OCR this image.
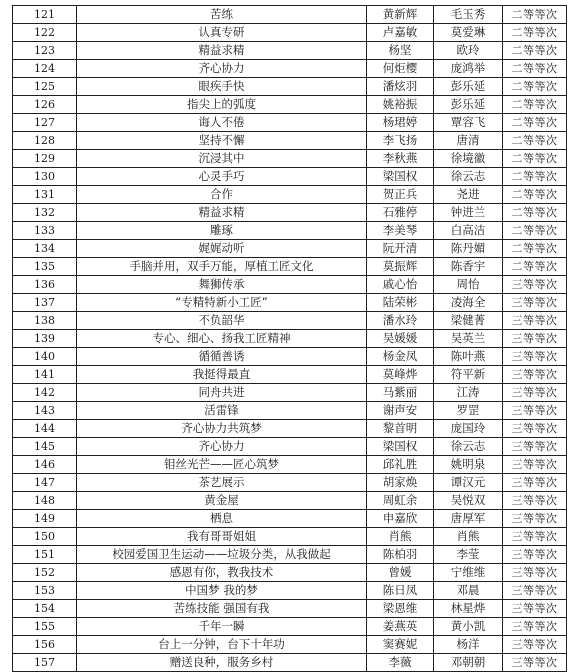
121	苦练	黄新辉	毛玉秀	二等等次
122	认真专研	卢嘉敏	莫爱琳	二等等次
123	精益求精	杨坚	欧玲	二等等次
124	齐心协力	何炬樱	庞鸿举	二等等次
125	眼疾手快	潘炫羽	彭乐延	二等等次
126	指尖上的弧度	姚裕振	彭乐延	二等等次
127	诲人不倦	杨珺婷	覃容飞	二等等次
128	坚持不懈	李飞扬	唐清	二等等次
129	沉浸其中	李秋燕	徐境徽	二等等次
130	心灵手巧	梁国权	徐云志	二等等次
131	合作	贺正兵	尧进	二等等次
132	精益求精	石雅停	钟进兰	二等等次
133	雕琢	李美琴	白高洁	二等等次
134	娓娓动听	阮开清	陈丹媚	二等等次
135	手脑并用，双手万能，厚植工匠文化	莫振辉	陈香宇	二等等次
136	舞狮传承	戚心怡	周怡	三等等次
137	“专精特新小工匠”	陆荣彬	凌海全	三等等次
138	不负韶华	潘水玲	梁健菁	三等等次
139	专心、细心、扬我工匠精神	吴媛媛	吴英兰	三等等次
140	循循善诱	杨金凤	陈叶燕	三等等次
141	我挺得最直	莫峰烨	符平新	三等等次
142	同舟共进	马紫丽	江涛	三等等次
143	活雷锋	谢声安	罗罡	三等等次
144	齐心协力共筑梦	黎首明	庞国玲	三等等次
145	齐心协力	梁国权	徐云志	三等等次
146	钼丝光芒——匠心筑梦	邱礼胜	姚明泉	三等等次
147	茶艺展示	胡家焕	谭汉元	三等等次
148	黄金屋	周虹余	吴悦双	三等等次
149	栖息	申嘉欣	唐厚军	三等等次
150	我有哥哥姐姐	肖熊	肖熊	三等等次
151	校园爱国卫生运动——垃圾分类，从我做起	陈柏羽	李莹	三等等次
152	感恩有你，教我技术	曾媛	宁维维	三等等次
153	中国梦 我的梦	陈日凤	邓晨	三等等次
154	苦练技能 强国有我	梁恩维	林星烨	三等等次
155	千年一瞬	姜燕英	黄小凯	三等等次
156	台上一分钟，台下十年功	窦赛妮	杨洋	三等等次
157	赠送良种，服务乡村	李薇	邓朝朝	三等等次
